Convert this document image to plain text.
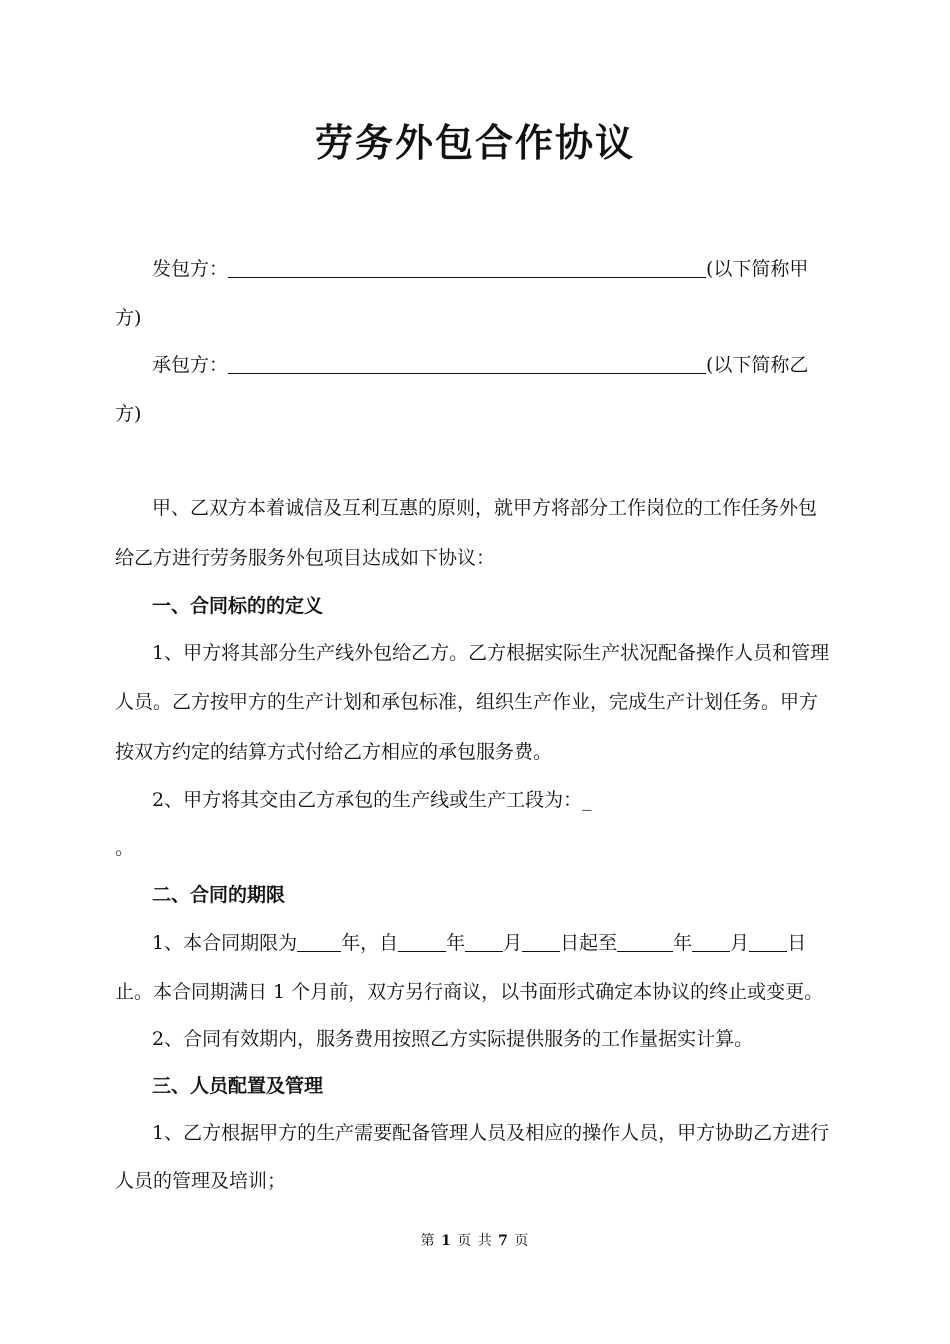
劳务外包合作协议
发包方：	(以下简称甲
方)
承包方：	(以下简称乙
方)
甲、乙双方本着诚信及互利互惠的原则，就甲方将部分工作岗位的工作任务外包
给乙方进行劳务服务外包项目达成如下协议：
一、合同标的的定义
1、甲方将其部分生产线外包给乙方。乙方根据实际生产状况配备操作人员和管理
人员。乙方按甲方的生产计划和承包标准，组织生产作业，完成生产计划任务。甲方
按双方约定的结算方式付给乙方相应的承包服务费。
2、甲方将其交由乙方承包的生产线或生产工段为：_
。
二、合同的期限
1、本合同期限为 年，自	年 月 日起至	年 月 日
止。本合同期满日 1 个月前，双方另行商议，以书面形式确定本协议的终止或变更。
2、合同有效期内，服务费用按照乙方实际提供服务的工作量据实计算。
三、人员配置及管理
1、乙方根据甲方的生产需要配备管理人员及相应的操作人员，甲方协助乙方进行
人员的管理及培训；
第 1 页 共 7 页
